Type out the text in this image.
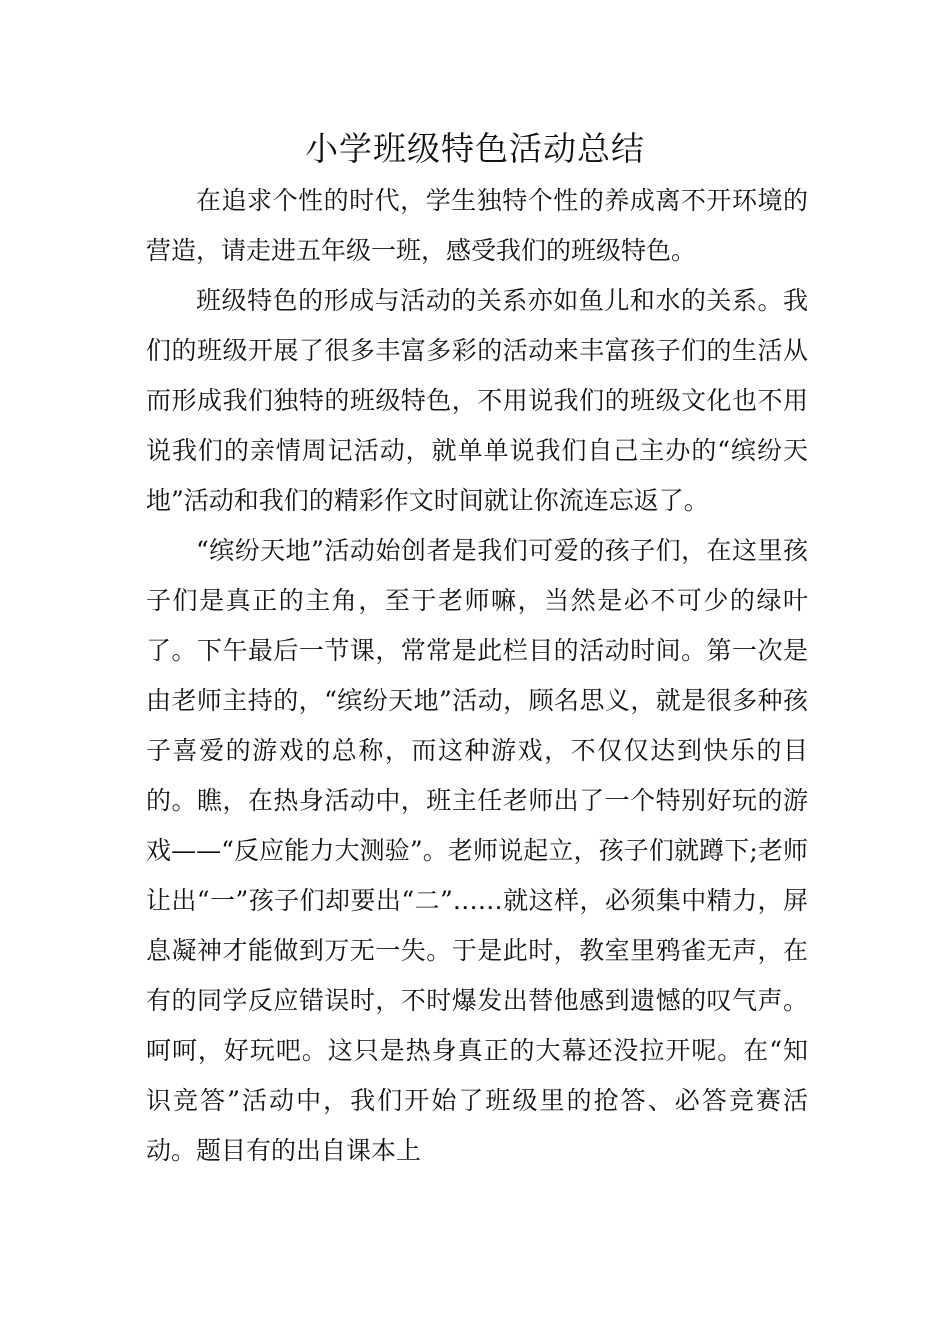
小学班级特色活动总结

在追求个性的时代，学生独特个性的养成离不开环境的营造，请走进五年级一班，感受我们的班级特色。

班级特色的形成与活动的关系亦如鱼儿和水的关系。我们的班级开展了很多丰富多彩的活动来丰富孩子们的生活从而形成我们独特的班级特色，不用说我们的班级文化也不用说我们的亲情周记活动，就单单说我们自己主办的“缤纷天地”活动和我们的精彩作文时间就让你流连忘返了。

“缤纷天地”活动始创者是我们可爱的孩子们，在这里孩子们是真正的主角，至于老师嘛，当然是必不可少的绿叶了。下午最后一节课，常常是此栏目的活动时间。第一次是由老师主持的，“缤纷天地”活动，顾名思义，就是很多种孩子喜爱的游戏的总称，而这种游戏，不仅仅达到快乐的目的。瞧，在热身活动中，班主任老师出了一个特别好玩的游戏——“反应能力大测验”。老师说起立，孩子们就蹲下;老师让出“一”孩子们却要出“二”……就这样，必须集中精力，屏息凝神才能做到万无一失。于是此时，教室里鸦雀无声，在有的同学反应错误时，不时爆发出替他感到遗憾的叹气声。呵呵，好玩吧。这只是热身真正的大幕还没拉开呢。在“知识竞答”活动中，我们开始了班级里的抢答、必答竞赛活动。题目有的出自课本上
